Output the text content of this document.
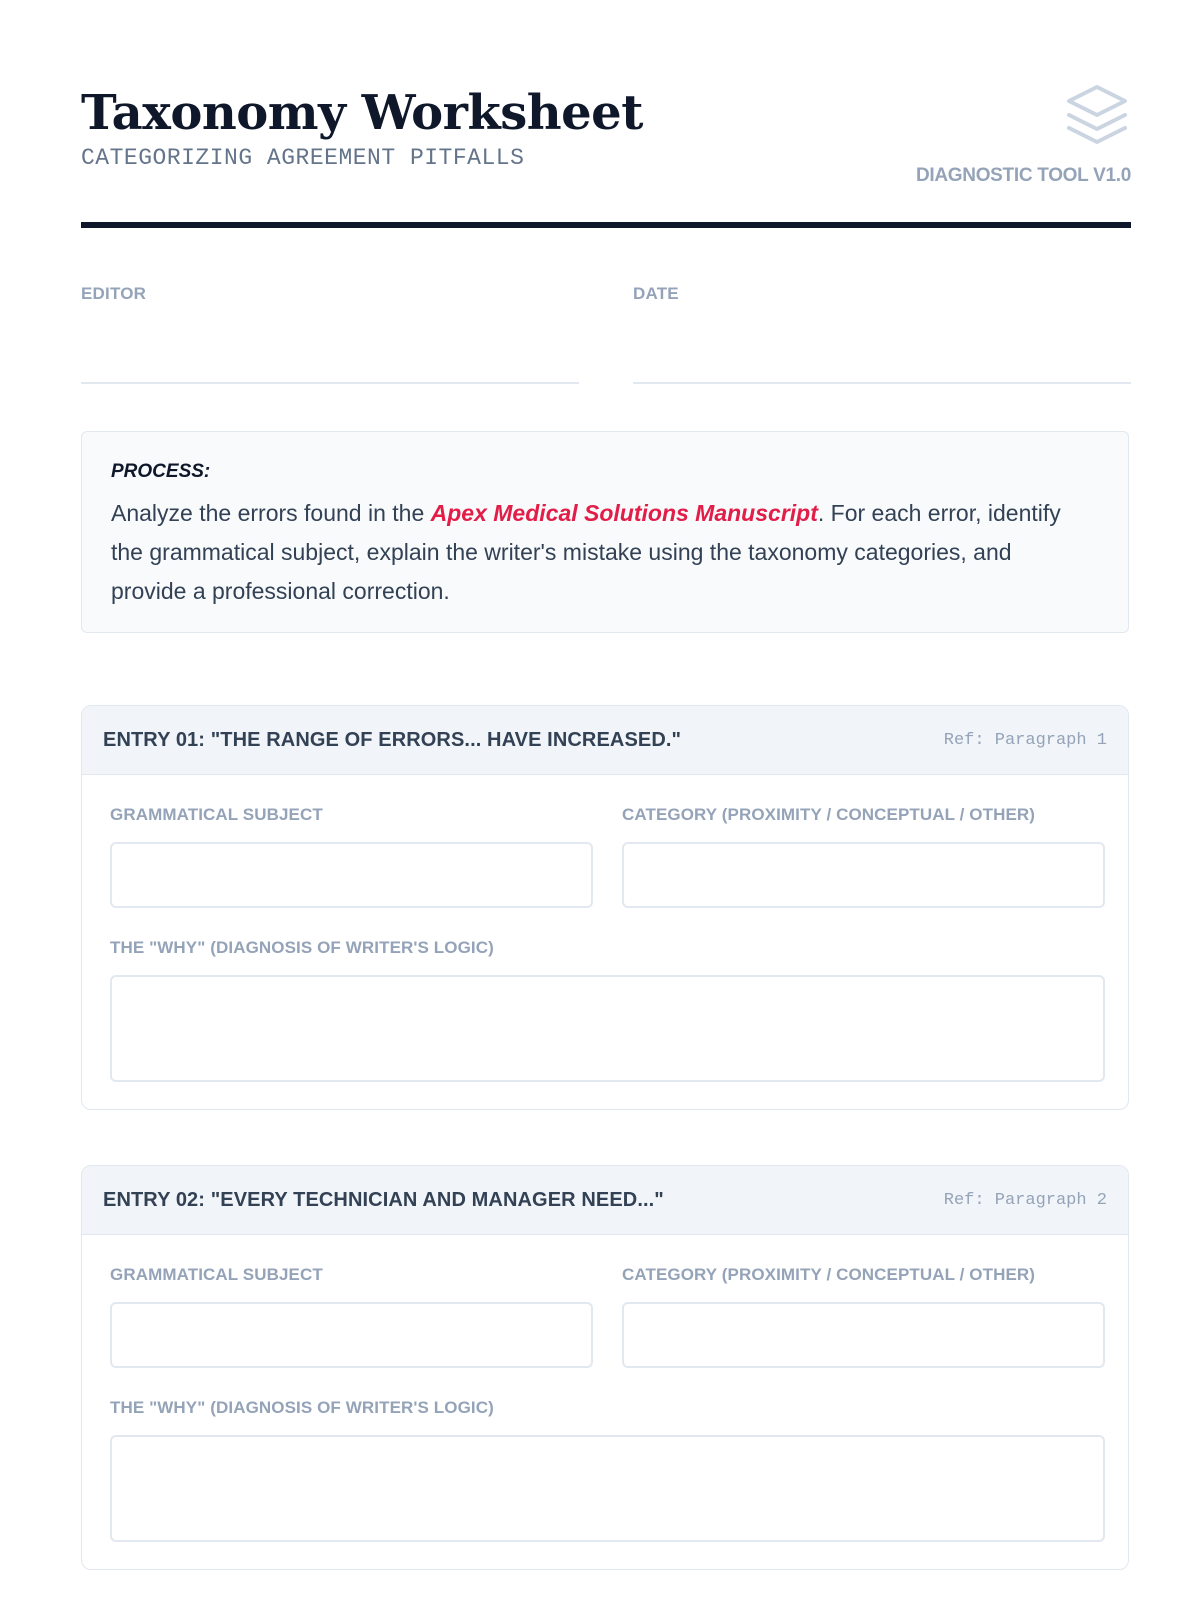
Taxonomy Worksheet
CATEGORIZING AGREEMENT PITFALLS
DIAGNOSTIC TOOL V1.0
EDITOR	DATE
PROCESS:

Analyze the errors found in the Apex Medical Solutions Manuscript. For each error, identify the grammatical subject, explain the writer's mistake using the taxonomy categories, and provide a professional correction.

ENTRY 01: "THE RANGE OF ERRORS... HAVE INCREASED."	Ref: Paragraph 1
GRAMMATICAL SUBJECT	CATEGORY (PROXIMITY / CONCEPTUAL / OTHER)
THE "WHY" (DIAGNOSIS OF WRITER'S LOGIC)
ENTRY 02: "EVERY TECHNICIAN AND MANAGER NEED..."	Ref: Paragraph 2
GRAMMATICAL SUBJECT	CATEGORY (PROXIMITY / CONCEPTUAL / OTHER)
THE "WHY" (DIAGNOSIS OF WRITER'S LOGIC)
